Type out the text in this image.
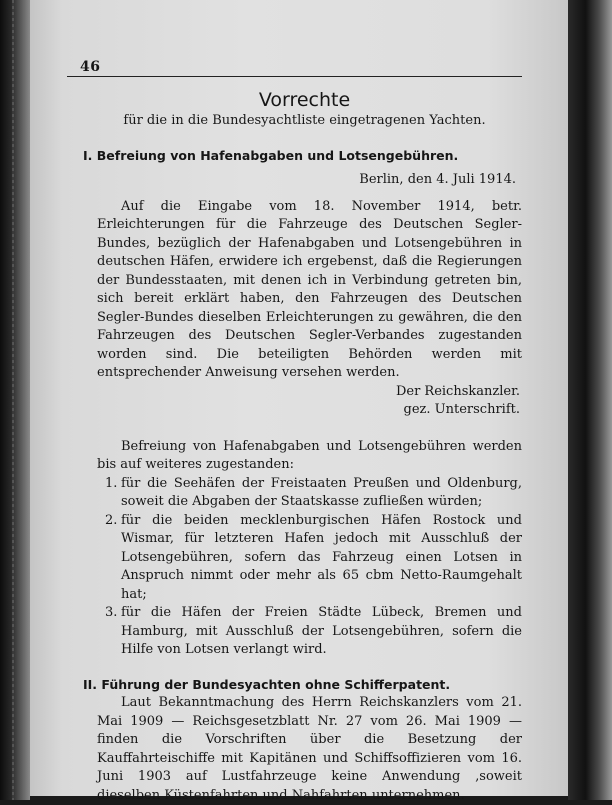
46
Vorrechte
für die in die Bundesyachtliste eingetragenen Yachten.
I. Befreiung von Hafenabgaben und Lotsengebühren.
Berlin, den 4. Juli 1914.

Auf die Eingabe vom 18. November 1914, betr. Erleichterungen für die Fahrzeuge des Deutschen Segler-Bundes, bezüglich der Hafenabgaben und Lotsengebühren in deutschen Häfen, erwidere ich ergebenst, daß die Regierungen der Bundesstaaten, mit denen ich in Verbindung getreten bin, sich bereit erklärt haben, den Fahrzeugen des Deutschen Segler-Bundes dieselben Erleichterungen zu gewähren, die den Fahrzeugen des Deutschen Segler-Verbandes zugestanden worden sind. Die beteiligten Behörden werden mit entsprechender Anweisung versehen werden.

Der Reichskanzler.
gez. Unterschrift.

Befreiung von Hafenabgaben und Lotsengebühren werden bis auf weiteres zugestanden:

1. für die Seehäfen der Freistaaten Preußen und Oldenburg, soweit die Abgaben der Staatskasse zufließen würden;
2. für die beiden mecklenburgischen Häfen Rostock und Wismar, für letzteren Hafen jedoch mit Ausschluß der Lotsengebühren, sofern das Fahrzeug einen Lotsen in Anspruch nimmt oder mehr als 65 cbm Netto-Raumgehalt hat;
3. für die Häfen der Freien Städte Lübeck, Bremen und Hamburg, mit Ausschluß der Lotsengebühren, sofern die Hilfe von Lotsen verlangt wird.
II. Führung der Bundesyachten ohne Schifferpatent.

Laut Bekanntmachung des Herrn Reichskanzlers vom 21. Mai 1909 — Reichsgesetzblatt Nr. 27 vom 26. Mai 1909 — finden die Vorschriften über die Besetzung der Kauffahrteischiffe mit Kapitänen und Schiffsoffizieren vom 16. Juni 1903 auf Lustfahrzeuge keine Anwendung ‚soweit dieselben Küstenfahrten und Nahfahrten unternehmen.
